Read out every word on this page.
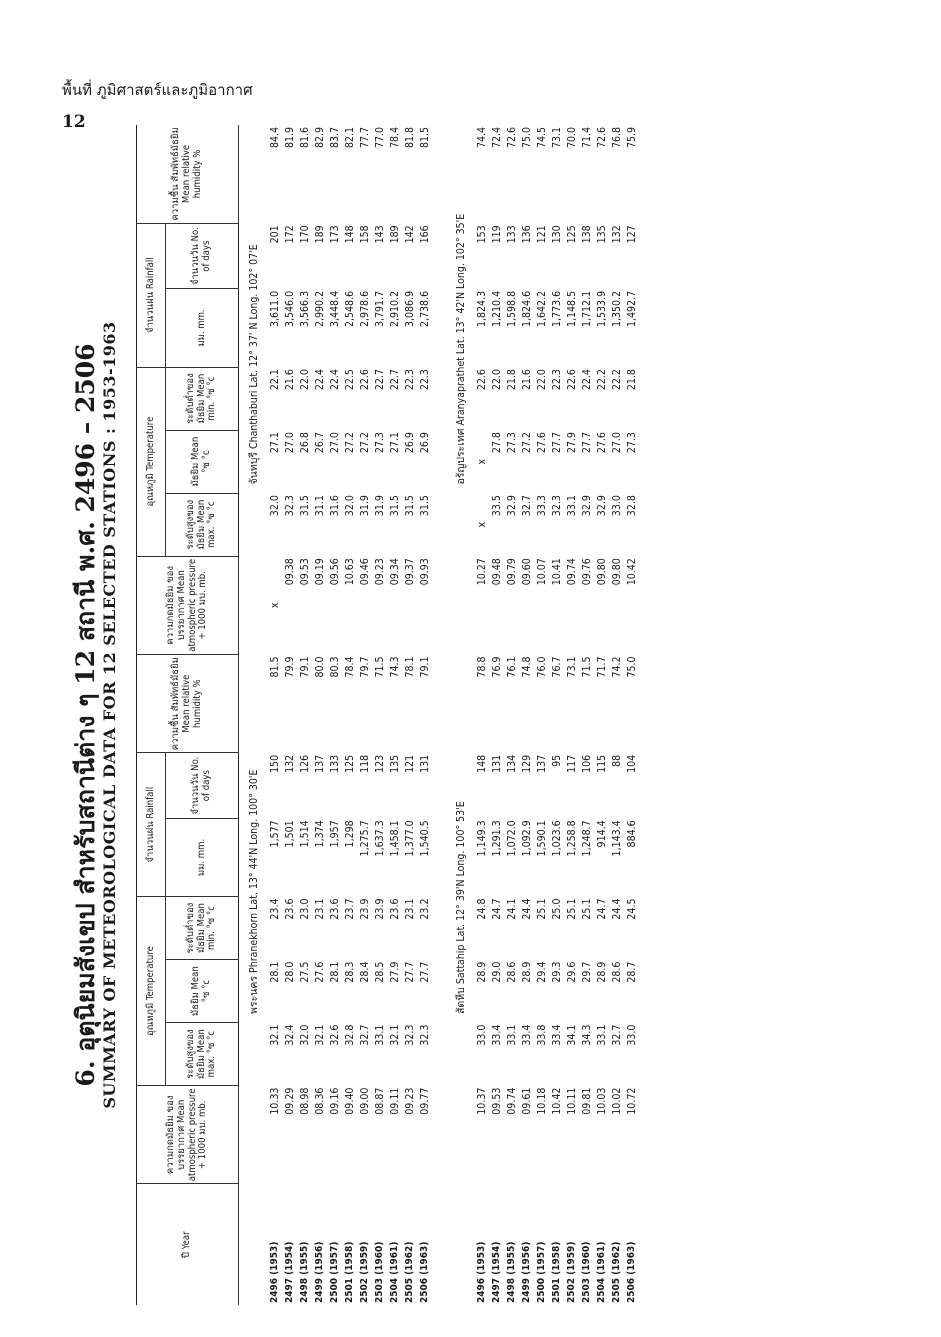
พื้นที่ ภูมิศาสตร์และภูมิอากาศ
12
6. อุตุนิยมสังเขป สำหรับสถานีต่าง ๆ 12 สถานี พ.ศ. 2496 – 2506 SUMMARY OF METEOROLOGICAL DATA FOR 12 SELECTED STATIONS : 1953-1963
ปี Year	ความกดมัธยิม ของบรรยากาศ Mean atmospheric pressure + 1000 มบ. mb.	อุณหภูมิ Temperature			จำนวนฝน Rainfall		ความชื้น สัมพัทธ์มัธยิม Mean relative humidity %	ความกดมัธยิม ของบรรยากาศ Mean atmospheric pressure + 1000 มบ. mb.	อุณหภูมิ Temperature			จำนวนฝน Rainfall		ความชื้น สัมพัทธ์มัธยิม Mean relative humidity %
		ระดับสูงของ มัธยิม Mean max. °ซ °c	มัธยิม Mean °ซ °c	ระดับต่ำของ มัธยิม Mean min. °ซ °c	มม. mm.	จำนวนวัน No. of days			ระดับสูงของ มัธยิม Mean max. °ซ °c	มัธยิม Mean °ซ °c	ระดับต่ำของ มัธยิม Mean min. °ซ °c	มม. mm.	จำนวนวัน No. of days	
	พระนคร Phranekhorn Lat. 13° 44'N Long. 100° 30'E							จันทบุรี Chanthaburi Lat. 12° 37' N Long. 102° 07'E						
2496 (1953)	10.33	32.1	28.1	23.4	1,577	150	81.5	x	32.0	27.1	22.1	3,611.0	201	84.4
2497 (1954)	09.29	32.4	28.0	23.6	1,501	132	79.9	09.38	32.3	27.0	21.6	3,546.0	172	81.9
2498 (1955)	08.98	32.0	27.5	23.0	1,514	126	79.1	09.53	31.5	26.8	22.0	3,566.3	170	81.6
2499 (1956)	08.36	32.1	27.6	23.1	1,374	137	80.0	09.19	31.1	26.7	22.4	2,990.2	189	82.9
2500 (1957)	09.16	32.6	28.1	23.6	1,957	133	80.3	09.56	31.6	27.0	22.4	3,448.4	173	83.7
2501 (1958)	09.40	32.8	28.3	23.7	1,298	125	78.4	10.63	32.0	27.2	22.5	2,548.6	148	82.1
2502 (1959)	09.00	32.7	28.4	23.9	1,275.7	118	79.7	09.46	31.9	27.2	22.6	2,978.6	158	77.7
2503 (1960)	08.87	33.1	28.5	23.9	1,637.3	123	71.5	09.23	31.9	27.3	22.7	3,791.7	143	77.0
2504 (1961)	09.11	32.1	27.9	23.6	1,458.1	135	74.3	09.34	31.5	27.1	22.7	2,910.2	189	78.4
2505 (1962)	09.23	32.3	27.7	23.1	1,377.0	121	78.1	09.37	31.5	26.9	22.3	3,086.9	142	81.8
2506 (1963)	09.77	32.3	27.7	23.2	1,540.5	131	79.1	09.93	31.5	26.9	22.3	2,738.6	166	81.5

	สัตหีบ Sattahip Lat. 12° 39'N Long. 100° 53'E							อรัญประเทศ Aranyaprathet Lat. 13° 42'N Long. 102° 35'E						
2496 (1953)	10.37	33.0	28.9	24.8	1,149.3	148	78.8	10.27	x	x	22.6	1,824.3	153	74.4
2497 (1954)	09.53	33.4	29.0	24.7	1,291.3	131	76.9	09.48	33.5	27.8	22.0	1,210.4	119	72.4
2498 (1955)	09.74	33.1	28.6	24.1	1,072.0	134	76.1	09.79	32.9	27.3	21.8	1,598.8	133	72.6
2499 (1956)	09.61	33.4	28.9	24.4	1,092.9	129	74.8	09.60	32.7	27.2	21.6	1,824.6	136	75.0
2500 (1957)	10.18	33.8	29.4	25.1	1,590.1	137	76.0	10.07	33.3	27.6	22.0	1,642.2	121	74.5
2501 (1958)	10.42	33.4	29.3	25.0	1,023.6	95	76.7	10.41	32.3	27.7	22.3	1,773.6	130	73.1
2502 (1959)	10.11	34.1	29.6	25.1	1,258.8	117	73.1	09.74	33.1	27.9	22.6	1,148.5	125	70.0
2503 (1960)	09.81	34.3	29.7	25.1	1,248.7	106	71.5	09.76	32.9	27.7	22.4	1,712.1	138	71.4
2504 (1961)	10.03	33.1	28.9	24.7	914.4	115	71.7	09.80	32.9	27.6	22.2	1,533.9	135	72.6
2505 (1962)	10.02	32.7	28.6	24.4	1,143.4	88	74.2	09.80	33.0	27.0	22.2	1,350.2	132	76.8
2506 (1963)	10.72	33.0	28.7	24.5	884.6	104	75.0	10.42	32.8	27.3	21.8	1,492.7	127	75.9
